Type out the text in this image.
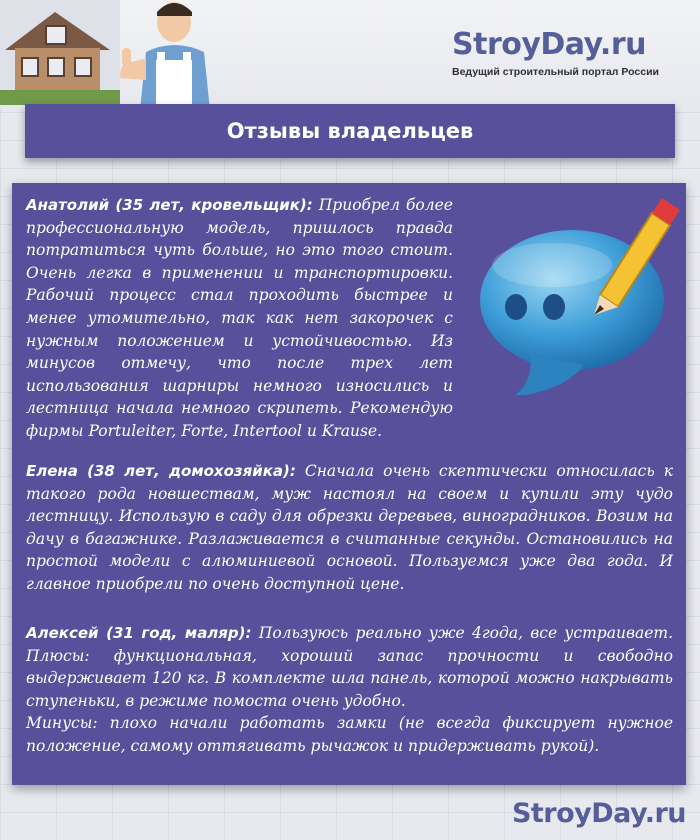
StroyDay.ru
Ведущий строительный портал России
Отзывы владельцев

Анатолий (35 лет, кровельщик): Приобрел более профессиональную модель, пришлось правда потратиться чуть больше, но это того стоит. Очень легка в применении и транспортировки. Рабочий процесс стал проходить быстрее и менее утомительно, так как нет закорочек с нужным положением и устойчивостью. Из минусов отмечу, что после трех лет использования шарниры немного износились и лестница начала немного скрипеть. Рекомендую фирмы Portuleiter, Forte, Intertool и Krause.

Елена (38 лет, домохозяйка): Сначала очень скептически относилась к такого рода новшествам, муж настоял на своем и купили эту чудо лестницу. Использую в саду для обрезки деревьев, виноградников. Возим на дачу в багажнике. Разлаживается в считанные секунды. Остановились на простой модели с алюминиевой основой. Пользуемся уже два года. И главное приобрели по очень доступной цене.

Алексей (31 год, маляр): Пользуюсь реально уже 4года, все устраивает. Плюсы: функциональная, хороший запас прочности и свободно выдерживает 120 кг. В комплекте шла панель, которой можно накрывать ступеньки, в режиме помоста очень удобно.
Минусы: плохо начали работать замки (не всегда фиксирует нужное положение, самому оттягивать рычажок и придерживать рукой).
StroyDay.ru
